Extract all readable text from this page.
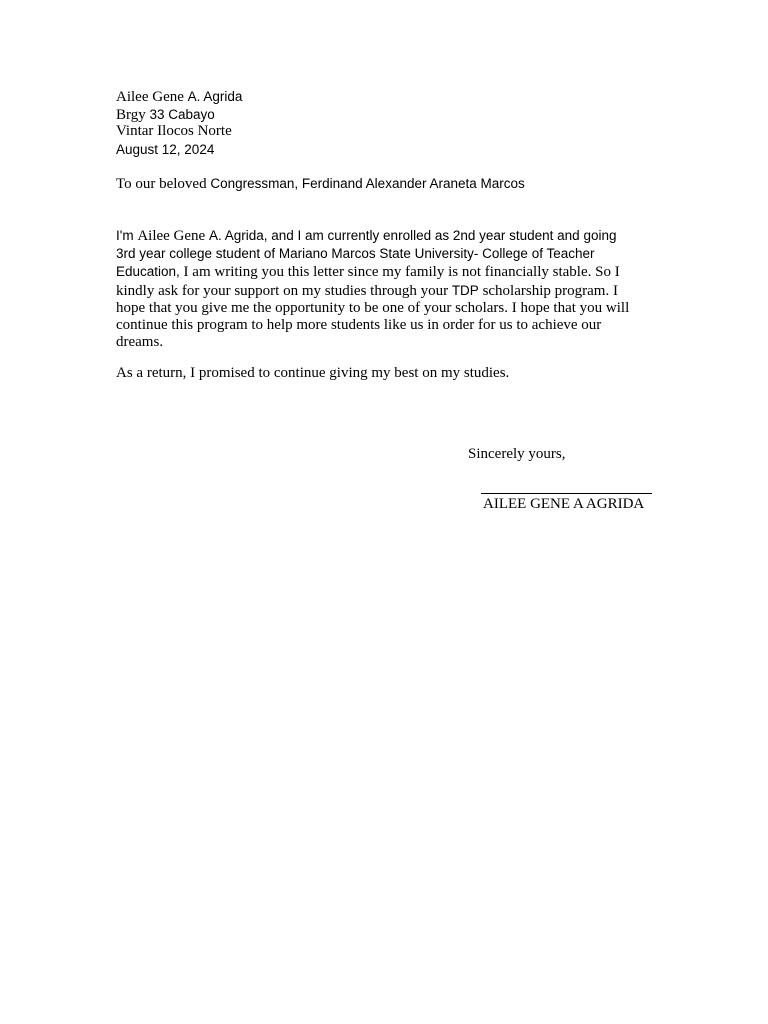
Ailee Gene A. Agrida
Brgy 33 Cabayo
Vintar Ilocos Norte
August 12, 2024
To our beloved Congressman, Ferdinand Alexander Araneta Marcos
I'm Ailee Gene A. Agrida, and I am currently enrolled as 2nd year student and going
3rd year college student of Mariano Marcos State University- College of Teacher
Education, I am writing you this letter since my family is not financially stable. So I
kindly ask for your support on my studies through your TDP scholarship program. I
hope that you give me the opportunity to be one of your scholars. I hope that you will
continue this program to help more students like us in order for us to achieve our
dreams.
As a return, I promised to continue giving my best on my studies.
Sincerely yours,
AILEE GENE A AGRIDA
